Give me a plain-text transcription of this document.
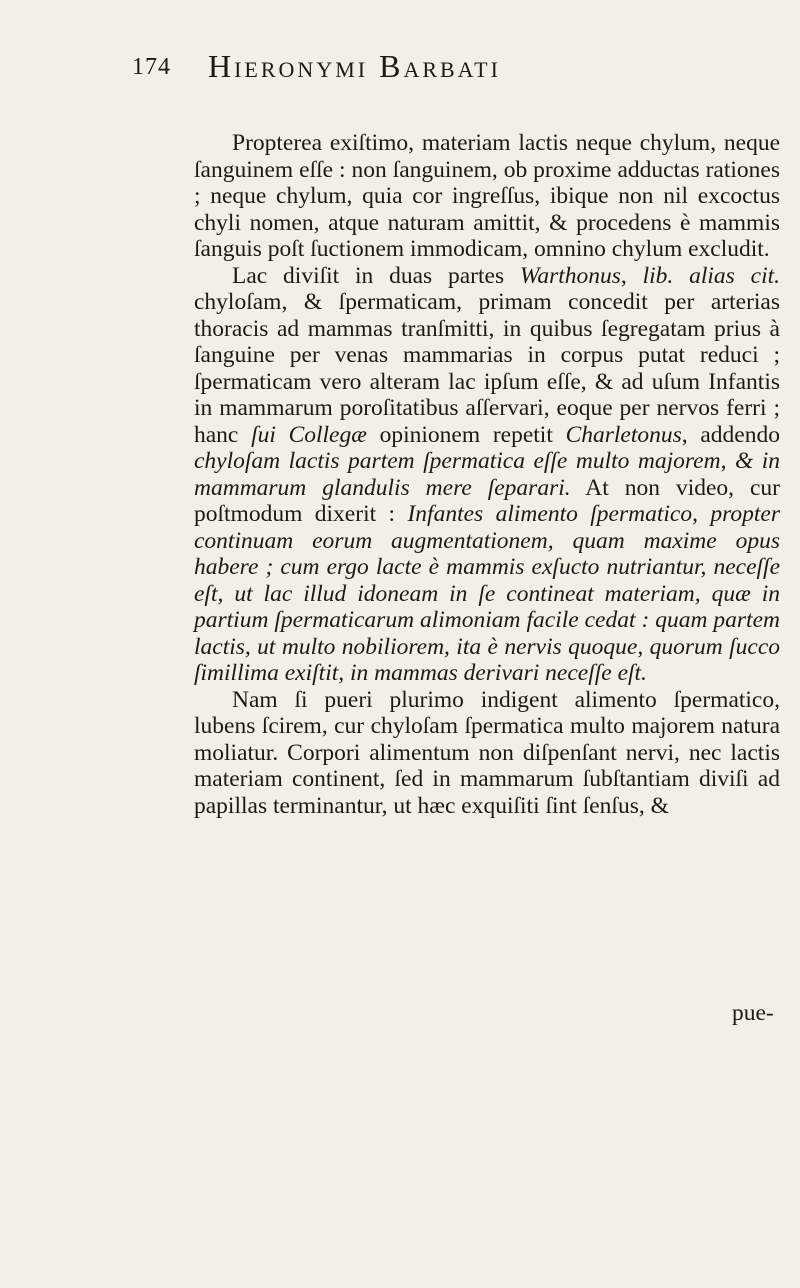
174 Hieronymi Barbati

Propterea exiſtimo, materiam lactis neque chylum, neque ſanguinem eſſe : non ſanguinem, ob proxime adductas rationes ; neque chylum, quia cor ingreſſus, ibique non nil excoctus chyli nomen, atque naturam amittit, & procedens è mammis ſanguis poſt ſuctionem immodicam, omnino chylum excludit.

Lac diviſit in duas partes Warthonus, lib. alias cit. chyloſam, & ſpermaticam, primam concedit per arterias thoracis ad mammas tranſmitti, in quibus ſegregatam prius à ſanguine per venas mammarias in corpus putat reduci ; ſpermaticam vero alteram lac ipſum eſſe, & ad uſum Infantis in mammarum poroſitatibus aſſervari, eoque per nervos ferri ; hanc ſui Collegæ opinionem repetit Charletonus, addendo chyloſam lactis partem ſpermatica eſſe multo majorem, & in mammarum glandulis mere ſeparari. At non video, cur poſtmodum dixerit : Infantes alimento ſpermatico, propter continuam eorum augmentationem, quam maxime opus habere ; cum ergo lacte è mammis exſucto nutriantur, neceſſe eſt, ut lac illud idoneam in ſe contineat materiam, quæ in partium ſpermaticarum alimoniam facile cedat : quam partem lactis, ut multo nobiliorem, ita è nervis quoque, quorum ſucco ſimillima exiſtit, in mammas derivari neceſſe eſt.

Nam ſi pueri plurimo indigent alimento ſpermatico, lubens ſcirem, cur chyloſam ſpermatica multo majorem natura moliatur. Corpori alimentum non diſpenſant nervi, nec lactis materiam continent, ſed in mammarum ſubſtantiam diviſi ad papillas terminantur, ut hæc exquiſiti ſint ſenſus, &

pue-
